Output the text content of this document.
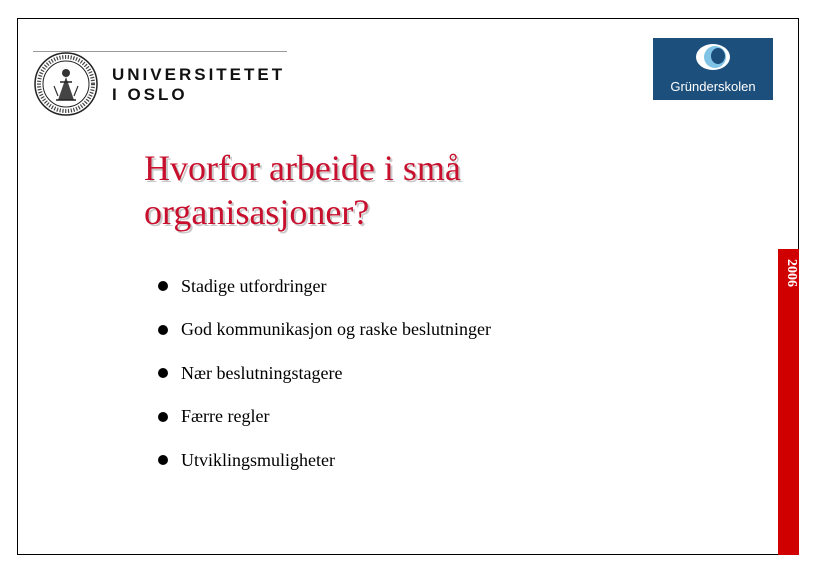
UNIVERSITETET
I OSLO	Gründerskolen
Hvorfor arbeide i små
organisasjoner?
2006
Stadige utfordringer
God kommunikasjon og raske beslutninger
Nær beslutningstagere
Færre regler
Utviklingsmuligheter
